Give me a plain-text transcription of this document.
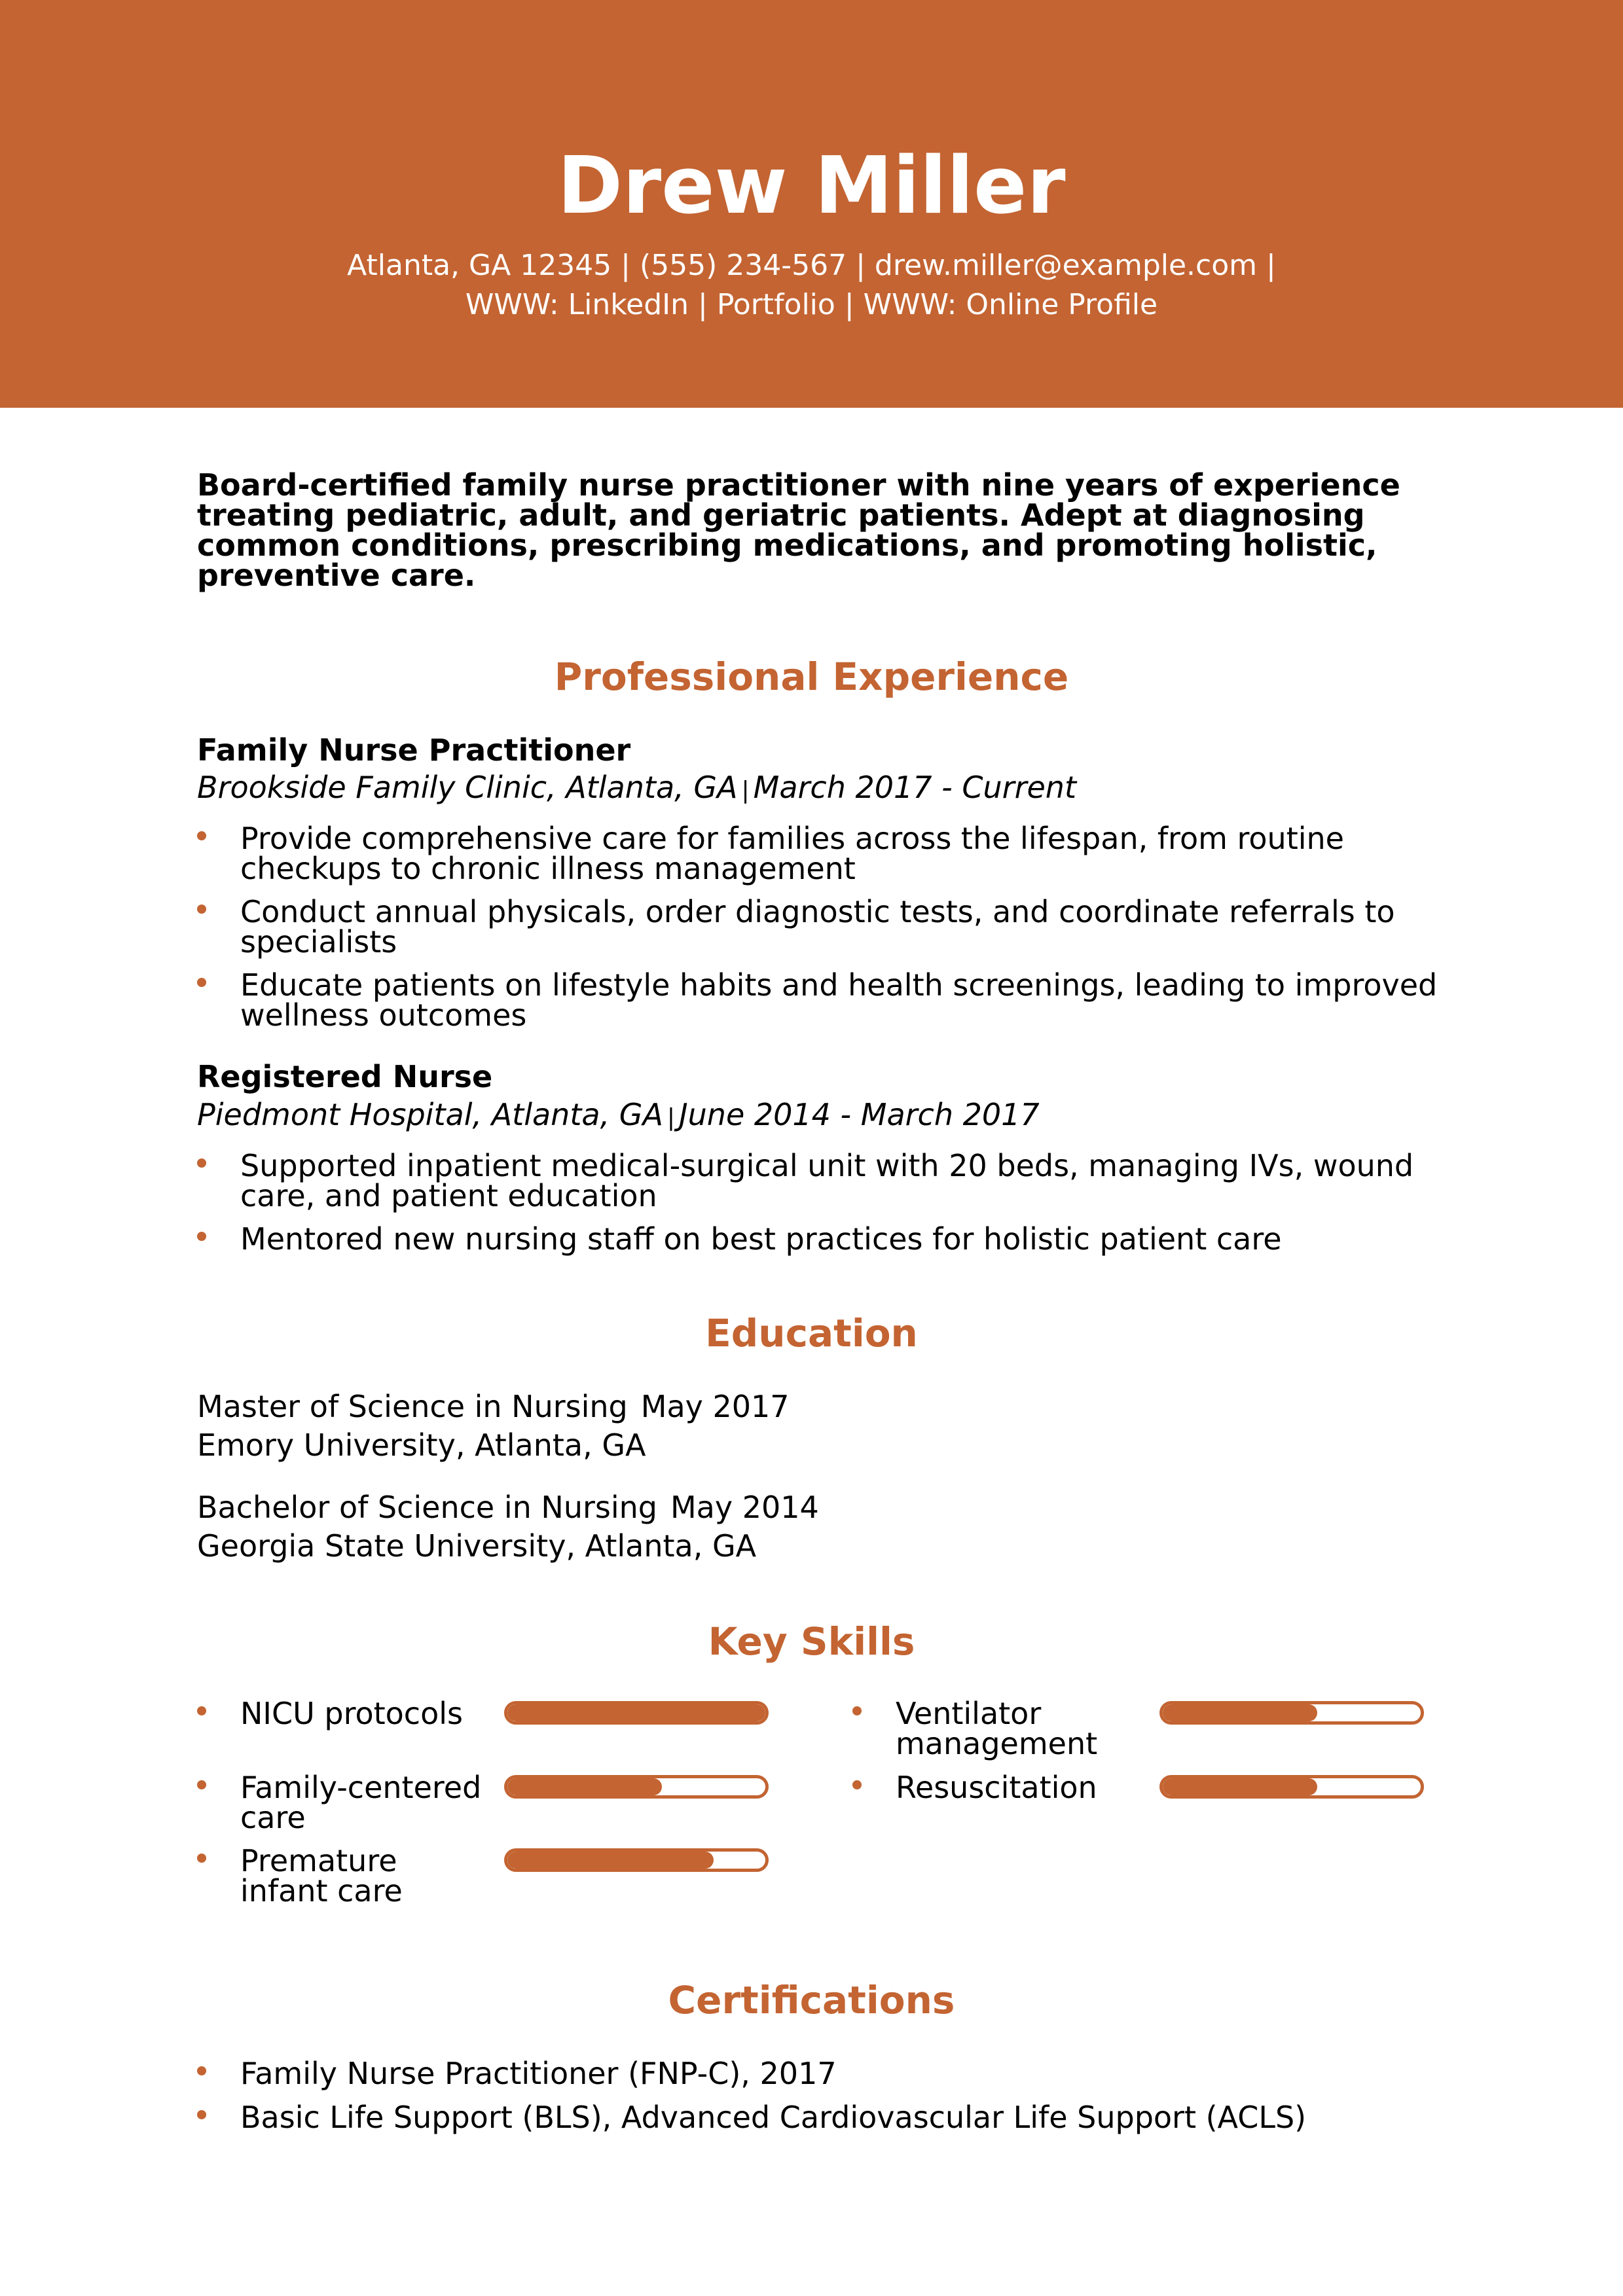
Drew Miller
Atlanta, GA 12345 | (555) 234-567 | drew.miller@example.com |
WWW: LinkedIn | Portfolio | WWW: Online Profile
Board-certified family nurse practitioner with nine years of experience treating pediatric, adult, and geriatric patients. Adept at diagnosing common conditions, prescribing medications, and promoting holistic, preventive care.
Professional Experience
Family Nurse Practitioner
Brookside Family Clinic, Atlanta, GA | March 2017 - Current
Provide comprehensive care for families across the lifespan, from routine checkups to chronic illness management
Conduct annual physicals, order diagnostic tests, and coordinate referrals to specialists
Educate patients on lifestyle habits and health screenings, leading to improved wellness outcomes
Registered Nurse
Piedmont Hospital, Atlanta, GA | June 2014 - March 2017
Supported inpatient medical-surgical unit with 20 beds, managing IVs, wound care, and patient education
Mentored new nursing staff on best practices for holistic patient care
Education
Master of Science in Nursing May 2017
Emory University, Atlanta, GA
Bachelor of Science in Nursing May 2014
Georgia State University, Atlanta, GA
Key Skills
NICU protocols	Ventilator management
Family-centered care
Resuscitation
Premature infant care
Certifications
Family Nurse Practitioner (FNP-C), 2017
Basic Life Support (BLS), Advanced Cardiovascular Life Support (ACLS)
